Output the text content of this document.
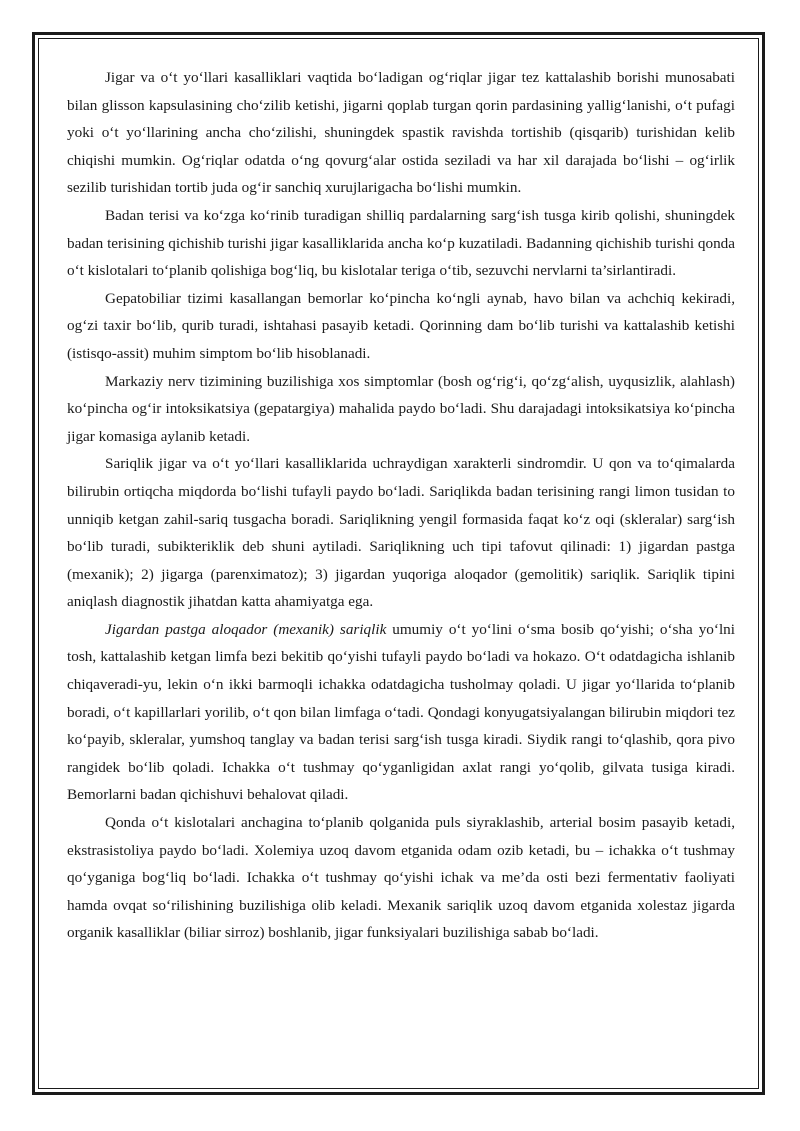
Jigar va o‘t yo‘llari kasalliklari vaqtida bo‘ladigan og‘riqlar jigar tez kattalashib borishi munosabati bilan glisson kapsulasining cho‘zilib ketishi, jigarni qoplab turgan qorin pardasining yallig‘lanishi, o‘t pufagi yoki o‘t yo‘llarining ancha cho‘zilishi, shuningdek spastik ravishda tortishib (qisqarib) turishidan kelib chiqishi mumkin. Og‘riqlar odatda o‘ng qovurg‘alar ostida seziladi va har xil darajada bo‘lishi – og‘irlik sezilib turishidan tortib juda og‘ir sanchiq xurujlarigacha bo‘lishi mumkin.

Badan terisi va ko‘zga ko‘rinib turadigan shilliq pardalarning sarg‘ish tusga kirib qolishi, shuningdek badan terisining qichishib turishi jigar kasalliklarida ancha ko‘p kuzatiladi. Badanning qichishib turishi qonda o‘t kislotalari to‘planib qolishiga bog‘liq, bu kislotalar teriga o‘tib, sezuvchi nervlarni ta’sirlantiradi.

Gepatobiliar tizimi kasallangan bemorlar ko‘pincha ko‘ngli aynab, havo bilan va achchiq kekiradi, og‘zi taxir bo‘lib, qurib turadi, ishtahasi pasayib ketadi. Qorinning dam bo‘lib turishi va kattalashib ketishi (istisqo-assit) muhim simptom bo‘lib hisoblanadi.

Markaziy nerv tizimining buzilishiga xos simptomlar (bosh og‘rig‘i, qo‘zg‘alish, uyqusizlik, alahlash) ko‘pincha og‘ir intoksikatsiya (gepatargiya) mahalida paydo bo‘ladi. Shu darajadagi intoksikatsiya ko‘pincha jigar komasiga aylanib ketadi.

Sariqlik jigar va o‘t yo‘llari kasalliklarida uchraydigan xarakterli sindromdir. U qon va to‘qimalarda bilirubin ortiqcha miqdorda bo‘lishi tufayli paydo bo‘ladi. Sariqlikda badan terisining rangi limon tusidan to unniqib ketgan zahil-sariq tusgacha boradi. Sariqlikning yengil formasida faqat ko‘z oqi (skleralar) sarg‘ish bo‘lib turadi, subikteriklik deb shuni aytiladi. Sariqlikning uch tipi tafovut qilinadi: 1) jigardan pastga (mexanik); 2) jigarga (parenximatoz); 3) jigardan yuqoriga aloqador (gemolitik) sariqlik. Sariqlik tipini aniqlash diagnostik jihatdan katta ahamiyatga ega.

Jigardan pastga aloqador (mexanik) sariqlik umumiy o‘t yo‘lini o‘sma bosib qo‘yishi; o‘sha yo‘lni tosh, kattalashib ketgan limfa bezi bekitib qo‘yishi tufayli paydo bo‘ladi va hokazo. O‘t odatdagicha ishlanib chiqaveradi-yu, lekin o‘n ikki barmoqli ichakka odatdagicha tusholmay qoladi. U jigar yo‘llarida to‘planib boradi, o‘t kapillarlari yorilib, o‘t qon bilan limfaga o‘tadi. Qondagi konyugatsiyalangan bilirubin miqdori tez ko‘payib, skleralar, yumshoq tanglay va badan terisi sarg‘ish tusga kiradi. Siydik rangi to‘qlashib, qora pivo rangidek bo‘lib qoladi. Ichakka o‘t tushmay qo‘yganligidan axlat rangi yo‘qolib, gilvata tusiga kiradi. Bemorlarni badan qichishuvi behalovat qiladi.

Qonda o‘t kislotalari anchagina to‘planib qolganida puls siyraklashib, arterial bosim pasayib ketadi, ekstrasistoliya paydo bo‘ladi. Xolemiya uzoq davom etganida odam ozib ketadi, bu – ichakka o‘t tushmay qo‘yganiga bog‘liq bo‘ladi. Ichakka o‘t tushmay qo‘yishi ichak va me’da osti bezi fermentativ faoliyati hamda ovqat so‘rilishining buzilishiga olib keladi. Mexanik sariqlik uzoq davom etganida xolestaz jigarda organik kasalliklar (biliar sirroz) boshlanib, jigar funksiyalari buzilishiga sabab bo‘ladi.
